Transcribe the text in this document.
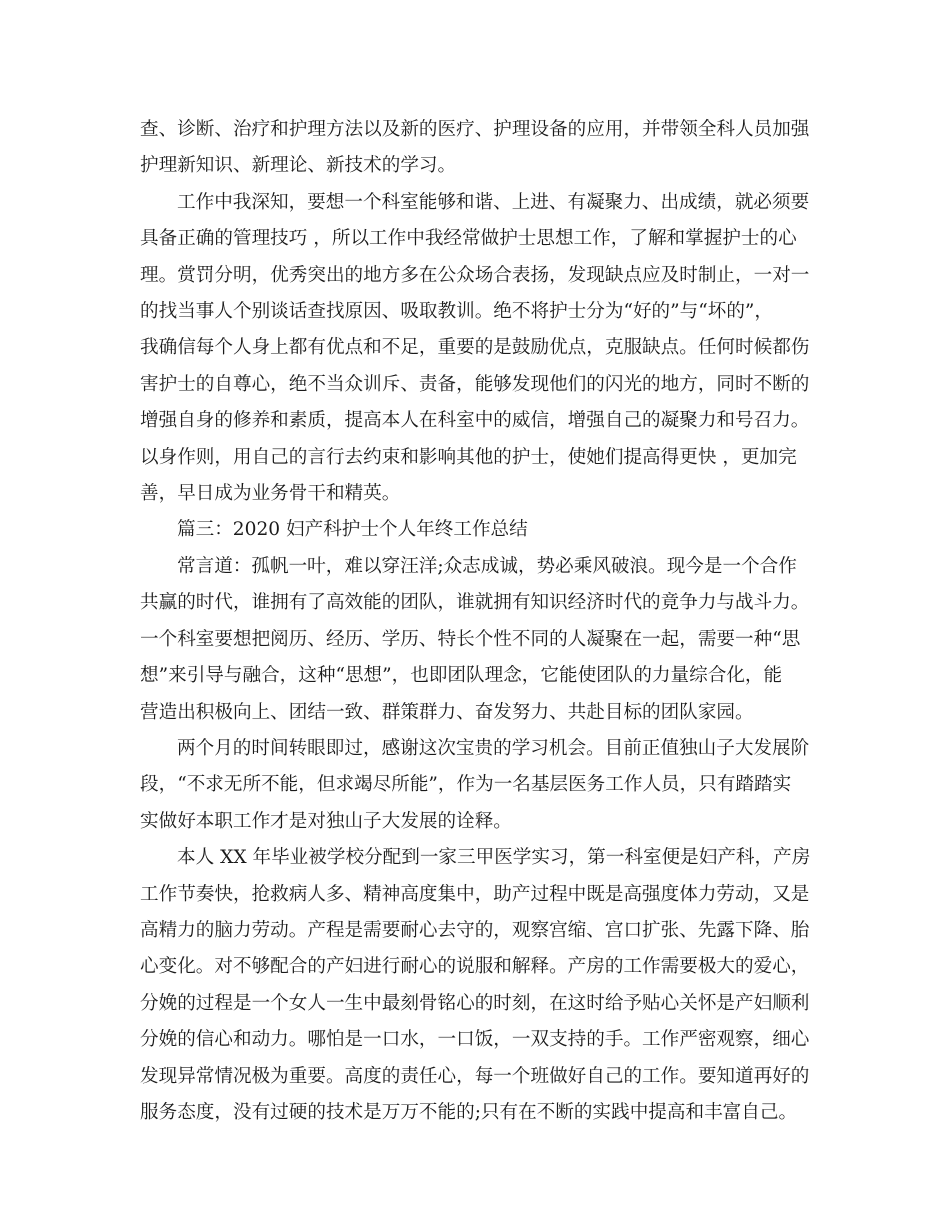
查、诊断、治疗和护理方法以及新的医疗、护理设备的应用，并带领全科人员加强
护理新知识、新理论、新技术的学习。

工作中我深知，要想一个科室能够和谐、上进、有凝聚力、出成绩，就必须要
具备正确的管理技巧 ，所以工作中我经常做护士思想工作，了解和掌握护士的心
理。赏罚分明，优秀突出的地方多在公众场合表扬，发现缺点应及时制止，一对一
的找当事人个别谈话查找原因、吸取教训。绝不将护士分为“好的”与“坏的”，
我确信每个人身上都有优点和不足，重要的是鼓励优点，克服缺点。任何时候都伤
害护士的自尊心，绝不当众训斥、责备，能够发现他们的闪光的地方，同时不断的
增强自身的修养和素质，提高本人在科室中的威信，增强自己的凝聚力和号召力。
以身作则，用自己的言行去约束和影响其他的护士，使她们提高得更快 ，更加完
善，早日成为业务骨干和精英。

篇三：2020 妇产科护士个人年终工作总结

常言道：孤帆一叶，难以穿汪洋;众志成诚，势必乘风破浪。现今是一个合作
共赢的时代，谁拥有了高效能的团队，谁就拥有知识经济时代的竟争力与战斗力。
一个科室要想把阅历、经历、学历、特长个性不同的人凝聚在一起，需要一种“思
想”来引导与融合，这种“思想”，也即团队理念，它能使团队的力量综合化，能
营造出积极向上、团结一致、群策群力、奋发努力、共赴目标的团队家园。

两个月的时间转眼即过，感谢这次宝贵的学习机会。目前正值独山子大发展阶
段，“不求无所不能，但求竭尽所能”，作为一名基层医务工作人员，只有踏踏实
实做好本职工作才是对独山子大发展的诠释。

本人 XX 年毕业被学校分配到一家三甲医学实习，第一科室便是妇产科，产房
工作节奏快，抢救病人多、精神高度集中，助产过程中既是高强度体力劳动，又是
高精力的脑力劳动。产程是需要耐心去守的，观察宫缩、宫口扩张、先露下降、胎
心变化。对不够配合的产妇进行耐心的说服和解释。产房的工作需要极大的爱心，
分娩的过程是一个女人一生中最刻骨铭心的时刻，在这时给予贴心关怀是产妇顺利
分娩的信心和动力。哪怕是一口水，一口饭，一双支持的手。工作严密观察，细心
发现异常情况极为重要。高度的责任心，每一个班做好自己的工作。要知道再好的
服务态度，没有过硬的技术是万万不能的;只有在不断的实践中提高和丰富自己。
